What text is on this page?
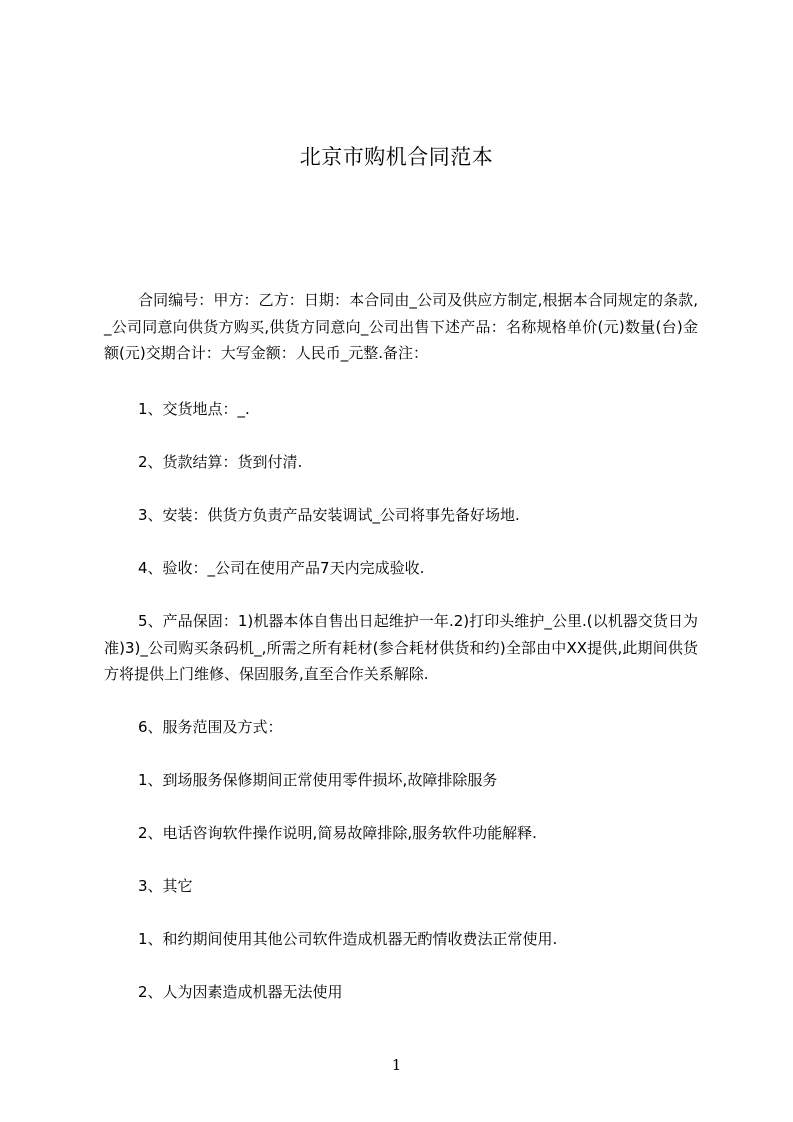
北京市购机合同范本
合同编号：甲方：乙方：日期：本合同由_公司及供应方制定,根据本合同规定的条款,_公司同意向供货方购买,供货方同意向_公司出售下述产品：名称规格单价(元)数量(台)金额(元)交期合计：大写金额：人民币_元整.备注：
1、交货地点：_.
2、货款结算：货到付清.
3、安装：供货方负责产品安装调试_公司将事先备好场地.
4、验收：_公司在使用产品7天内完成验收.
5、产品保固：1)机器本体自售出日起维护一年.2)打印头维护_公里.(以机器交货日为准)3)_公司购买条码机_,所需之所有耗材(参合耗材供货和约)全部由中XX提供,此期间供货方将提供上门维修、保固服务,直至合作关系解除.
6、服务范围及方式：
1、到场服务保修期间正常使用零件损坏,故障排除服务
2、电话咨询软件操作说明,简易故障排除,服务软件功能解释.
3、其它
1、和约期间使用其他公司软件造成机器无酌情收费法正常使用.
2、人为因素造成机器无法使用
1
